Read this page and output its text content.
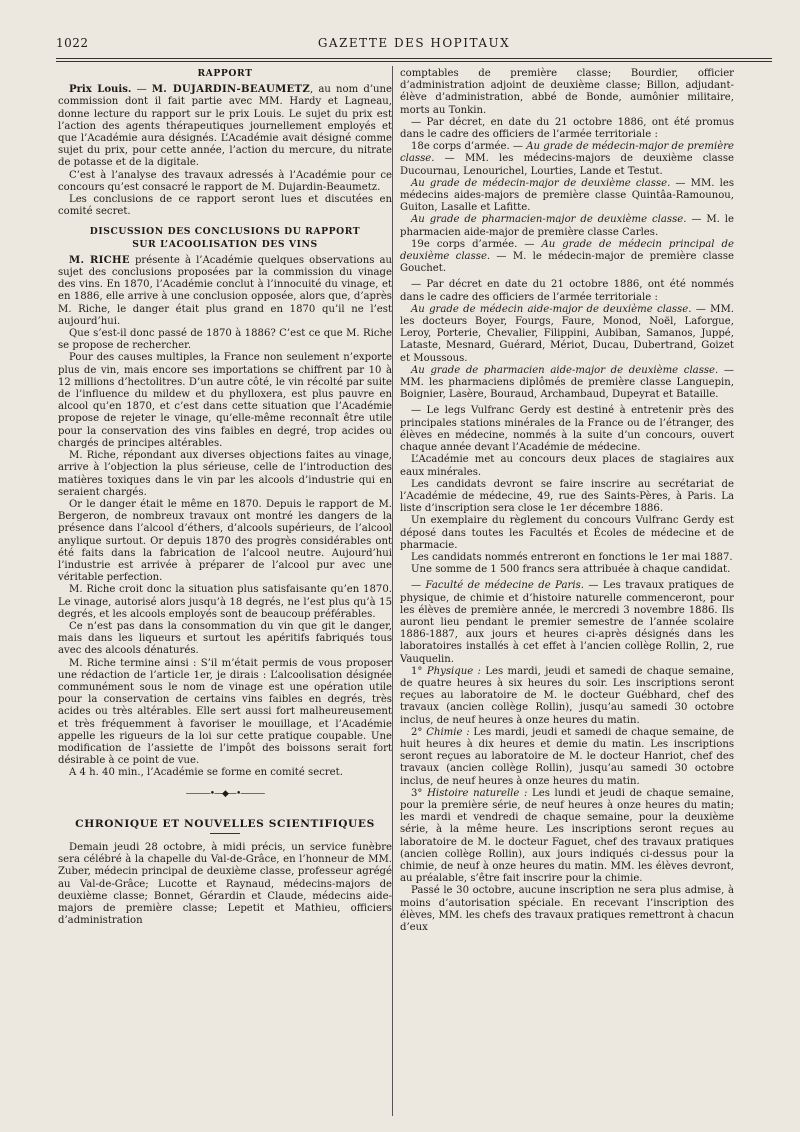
1022	GAZETTE DES HOPITAUX

RAPPORT

Prix Louis. — M. DUJARDIN-BEAUMETZ, au nom d’une commission dont il fait partie avec MM. Hardy et Lagneau, donne lecture du rapport sur le prix Louis. Le sujet du prix est l’action des agents thérapeutiques journellement employés et que l’Académie aura désignés. L’Académie avait désigné comme sujet du prix, pour cette année, l’action du mercure, du nitrate de potasse et de la digitale.

C’est à l’analyse des travaux adressés à l’Académie pour ce concours qu’est consacré le rapport de M. Dujardin-Beaumetz.

Les conclusions de ce rapport seront lues et discutées en comité secret.

DISCUSSION DES CONCLUSIONS DU RAPPORT

SUR L’ACOOLISATION DES VINS

M. RICHE présente à l’Académie quelques observations au sujet des conclusions proposées par la commission du vinage des vins. En 1870, l’Académie conclut à l’innocuité du vinage, et en 1886, elle arrive à une conclusion opposée, alors que, d’après M. Riche, le danger était plus grand en 1870 qu’il ne l’est aujourd’hui.

Que s’est-il donc passé de 1870 à 1886? C’est ce que M. Riche se propose de rechercher.

Pour des causes multiples, la France non seulement n’exporte plus de vin, mais encore ses importations se chiffrent par 10 à 12 millions d’hectolitres. D’un autre côté, le vin récolté par suite de l’influence du mildew et du phylloxera, est plus pauvre en alcool qu’en 1870, et c’est dans cette situation que l’Académie propose de rejeter le vinage, qu’elle-même reconnaît être utile pour la conservation des vins faibles en degré, trop acides ou chargés de principes altérables.

M. Riche, répondant aux diverses objections faites au vinage, arrive à l’objection la plus sérieuse, celle de l’introduction des matières toxiques dans le vin par les alcools d’industrie qui en seraient chargés.

Or le danger était le même en 1870. Depuis le rapport de M. Bergeron, de nombreux travaux ont montré les dangers de la présence dans l’alcool d’éthers, d’alcools supérieurs, de l’alcool anylique surtout. Or depuis 1870 des progrès considérables ont été faits dans la fabrication de l’alcool neutre. Aujourd’hui l’industrie est arrivée à préparer de l’alcool pur avec une véritable perfection.

M. Riche croit donc la situation plus satisfaisante qu’en 1870. Le vinage, autorisé alors jusqu’à 18 degrés, ne l’est plus qu’à 15 degrés, et les alcools employés sont de beaucoup préférables.

Ce n’est pas dans la consommation du vin que git le danger, mais dans les liqueurs et surtout les apéritifs fabriqués tous avec des alcools dénaturés.

M. Riche termine ainsi : S’il m’était permis de vous proposer une rédaction de l’article 1er, je dirais : L’alcoolisation désignée communément sous le nom de vinage est une opération utile pour la conservation de certains vins faibles en degrés, très acides ou très altérables. Elle sert aussi fort malheureusement et très fréquemment à favoriser le mouillage, et l’Académie appelle les rigueurs de la loi sur cette pratique coupable. Une modification de l’assiette de l’impôt des boissons serait fort désirable à ce point de vue.

A 4 h. 40 min., l’Académie se forme en comité secret.

———•—◆—•———

CHRONIQUE ET NOUVELLES SCIENTIFIQUES

Demain jeudi 28 octobre, à midi précis, un service funèbre sera célébré à la chapelle du Val-de-Grâce, en l’honneur de MM. Zuber, médecin principal de deuxième classe, professeur agrégé au Val-de-Grâce; Lucotte et Raynaud, médecins-majors de deuxième classe; Bonnet, Gérardin et Claude, médecins aide-majors de première classe; Lepetit et Mathieu, officiers d’administration

comptables de première classe; Bourdier, officier d’administration adjoint de deuxième classe; Billon, adjudant-élève d’administration, abbé de Bonde, aumônier militaire, morts au Tonkin.

— Par décret, en date du 21 octobre 1886, ont été promus dans le cadre des officiers de l’armée territoriale :

18e corps d’armée. — Au grade de médecin-major de première classe. — MM. les médecins-majors de deuxième classe Ducournau, Lenourichel, Lourties, Lande et Testut.

Au grade de médecin-major de deuxième classe. — MM. les médecins aides-majors de première classe Quintâa-Ramounou, Guiton, Lasalle et Lafitte.

Au grade de pharmacien-major de deuxième classe. — M. le pharmacien aide-major de première classe Carles.

19e corps d’armée. — Au grade de médecin principal de deuxième classe. — M. le médecin-major de première classe Gouchet.

— Par décret en date du 21 octobre 1886, ont été nommés dans le cadre des officiers de l’armée territoriale :

Au grade de médecin aide-major de deuxième classe. — MM. les docteurs Boyer, Fourgs, Faure, Monod, Noël, Laforgue, Leroy, Porterie, Chevalier, Filippini, Aubiban, Samanos, Juppé, Lataste, Mesnard, Guérard, Mériot, Ducau, Dubertrand, Goizet et Moussous.

Au grade de pharmacien aide-major de deuxième classe. — MM. les pharmaciens diplômés de première classe Languepin, Boignier, Lasère, Bouraud, Archambaud, Dupeyrat et Bataille.

— Le legs Vulfranc Gerdy est destiné à entretenir près des principales stations minérales de la France ou de l’étranger, des élèves en médecine, nommés à la suite d’un concours, ouvert chaque année devant l’Académie de médecine.

L’Académie met au concours deux places de stagiaires aux eaux minérales.

Les candidats devront se faire inscrire au secrétariat de l’Académie de médecine, 49, rue des Saints-Pères, à Paris. La liste d’inscription sera close le 1er décembre 1886.

Un exemplaire du règlement du concours Vulfranc Gerdy est déposé dans toutes les Facultés et Écoles de médecine et de pharmacie.

Les candidats nommés entreront en fonctions le 1er mai 1887.

Une somme de 1 500 francs sera attribuée à chaque candidat.

— Faculté de médecine de Paris. — Les travaux pratiques de physique, de chimie et d’histoire naturelle commenceront, pour les élèves de première année, le mercredi 3 novembre 1886. Ils auront lieu pendant le premier semestre de l’année scolaire 1886-1887, aux jours et heures ci-après désignés dans les laboratoires installés à cet effet à l’ancien collège Rollin, 2, rue Vauquelin.

1° Physique : Les mardi, jeudi et samedi de chaque semaine, de quatre heures à six heures du soir. Les inscriptions seront reçues au laboratoire de M. le docteur Guébhard, chef des travaux (ancien collège Rollin), jusqu’au samedi 30 octobre inclus, de neuf heures à onze heures du matin.

2° Chimie : Les mardi, jeudi et samedi de chaque semaine, de huit heures à dix heures et demie du matin. Les inscriptions seront reçues au laboratoire de M. le docteur Hanriot, chef des travaux (ancien collège Rollin), jusqu’au samedi 30 octobre inclus, de neuf heures à onze heures du matin.

3° Histoire naturelle : Les lundi et jeudi de chaque semaine, pour la première série, de neuf heures à onze heures du matin; les mardi et vendredi de chaque semaine, pour la deuxième série, à la même heure. Les inscriptions seront reçues au laboratoire de M. le docteur Faguet, chef des travaux pratiques (ancien collège Rollin), aux jours indiqués ci-dessus pour la chimie, de neuf à onze heures du matin. MM. les élèves devront, au préalable, s’être fait inscrire pour la chimie.

Passé le 30 octobre, aucune inscription ne sera plus admise, à moins d’autorisation spéciale. En recevant l’inscription des élèves, MM. les chefs des travaux pratiques remettront à chacun d’eux
